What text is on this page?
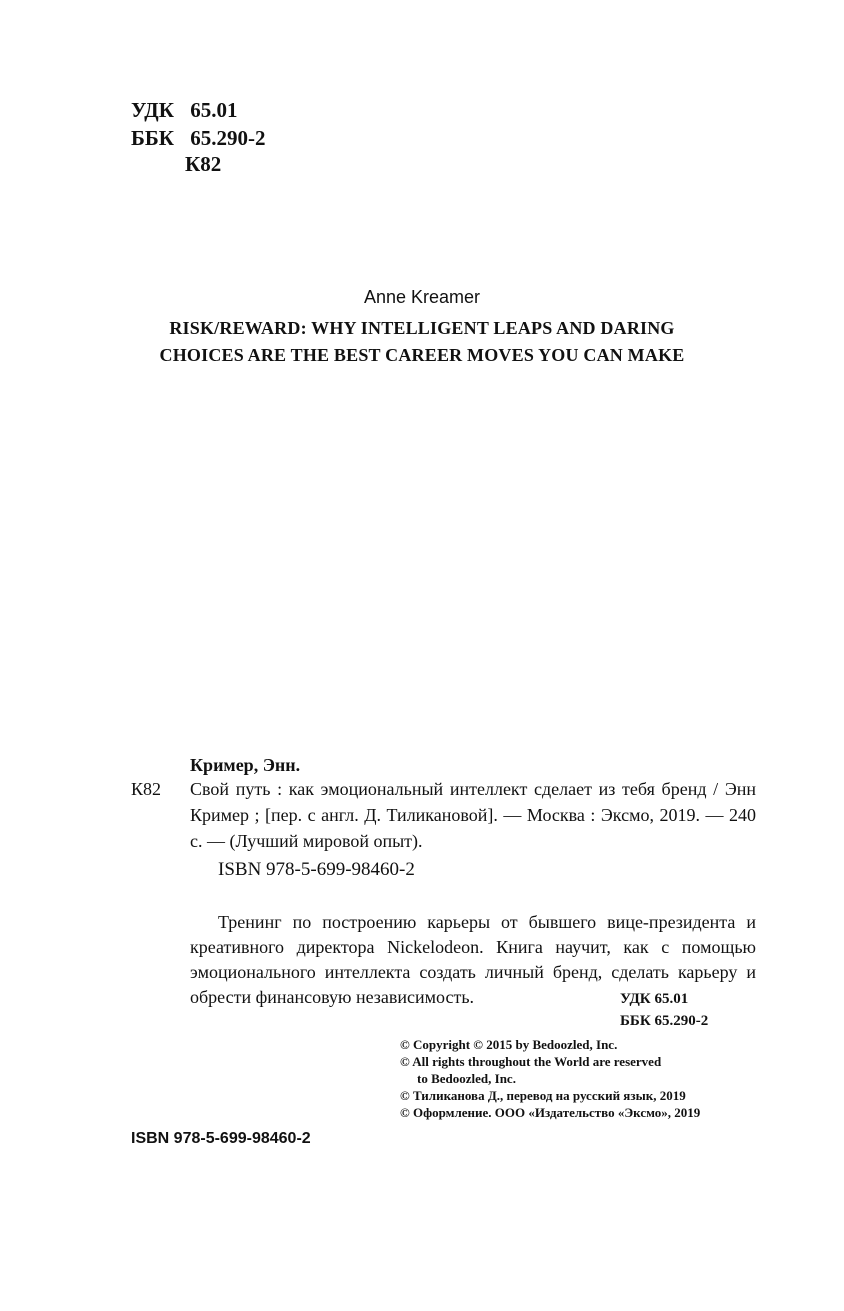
УДК 65.01
ББК 65.290-2
К82
Anne Kreamer
RISK/REWARD: WHY INTELLIGENT LEAPS AND DARING
CHOICES ARE THE BEST CAREER MOVES YOU CAN MAKE
Кример, Энн.
К82 Свой путь : как эмоциональный интеллект сделает из тебя бренд / Энн Кример ; [пер. с англ. Д. Тиликановой]. — Москва : Эксмо, 2019. — 240 с. — (Лучший мировой опыт).
ISBN 978-5-699-98460-2
Тренинг по построению карьеры от бывшего вице-президента и креативного директора Nickelodeon. Книга научит, как с помощью эмоционального интеллекта создать личный бренд, сделать карьеру и обрести финансовую независимость.	УДК 65.01
ББК 65.290-2
© Copyright © 2015 by Bedoozled, Inc.
© All rights throughout the World are reserved
to Bedoozled, Inc.
© Тиликанова Д., перевод на русский язык, 2019
© Оформление. ООО «Издательство «Эксмо», 2019
ISBN 978-5-699-98460-2
